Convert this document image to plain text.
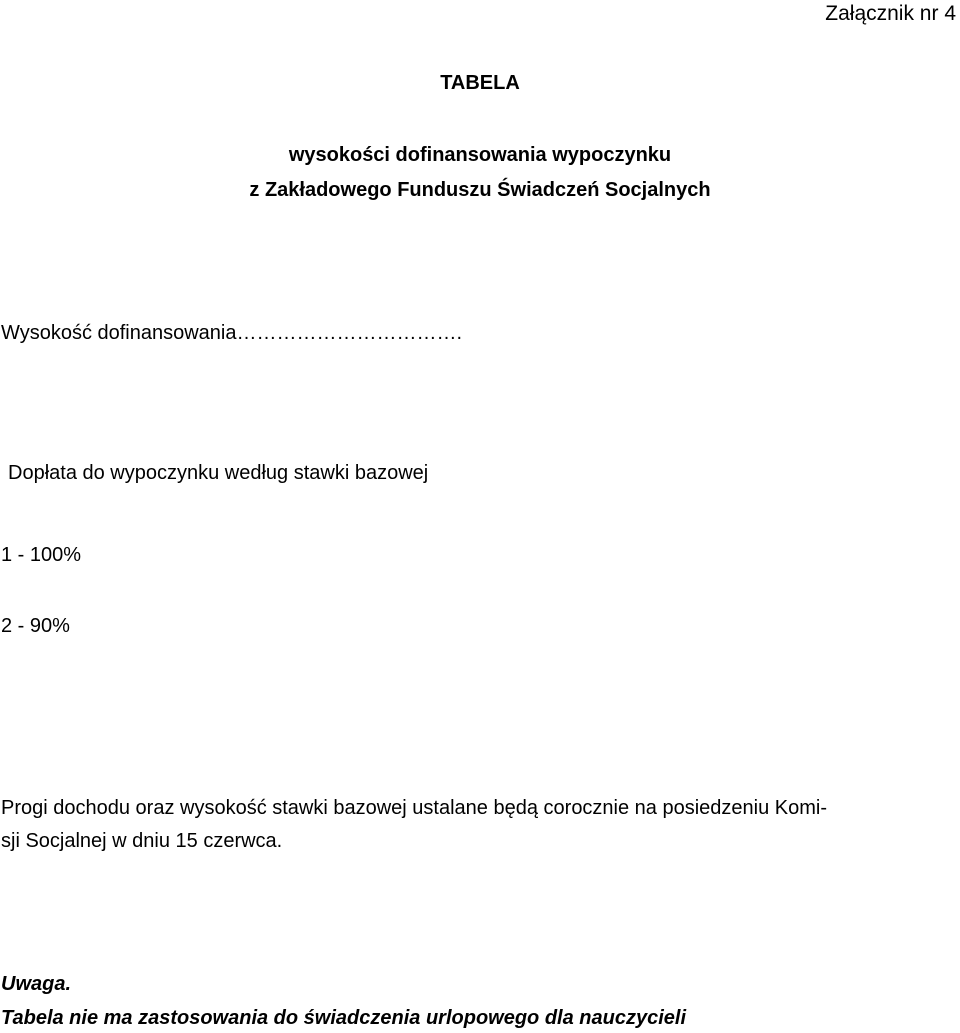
Załącznik nr 4

TABELA

wysokości dofinansowania wypoczynku

z Zakładowego Funduszu Świadczeń Socjalnych

Wysokość dofinansowania…………………………….

Dopłata do wypoczynku według stawki bazowej

1 - 100%

2 - 90%

Progi dochodu oraz wysokość stawki bazowej ustalane będą corocznie na posiedzeniu Komi-
sji Socjalnej w dniu 15 czerwca.

Uwaga.

Tabela nie ma zastosowania do świadczenia urlopowego dla nauczycieli
